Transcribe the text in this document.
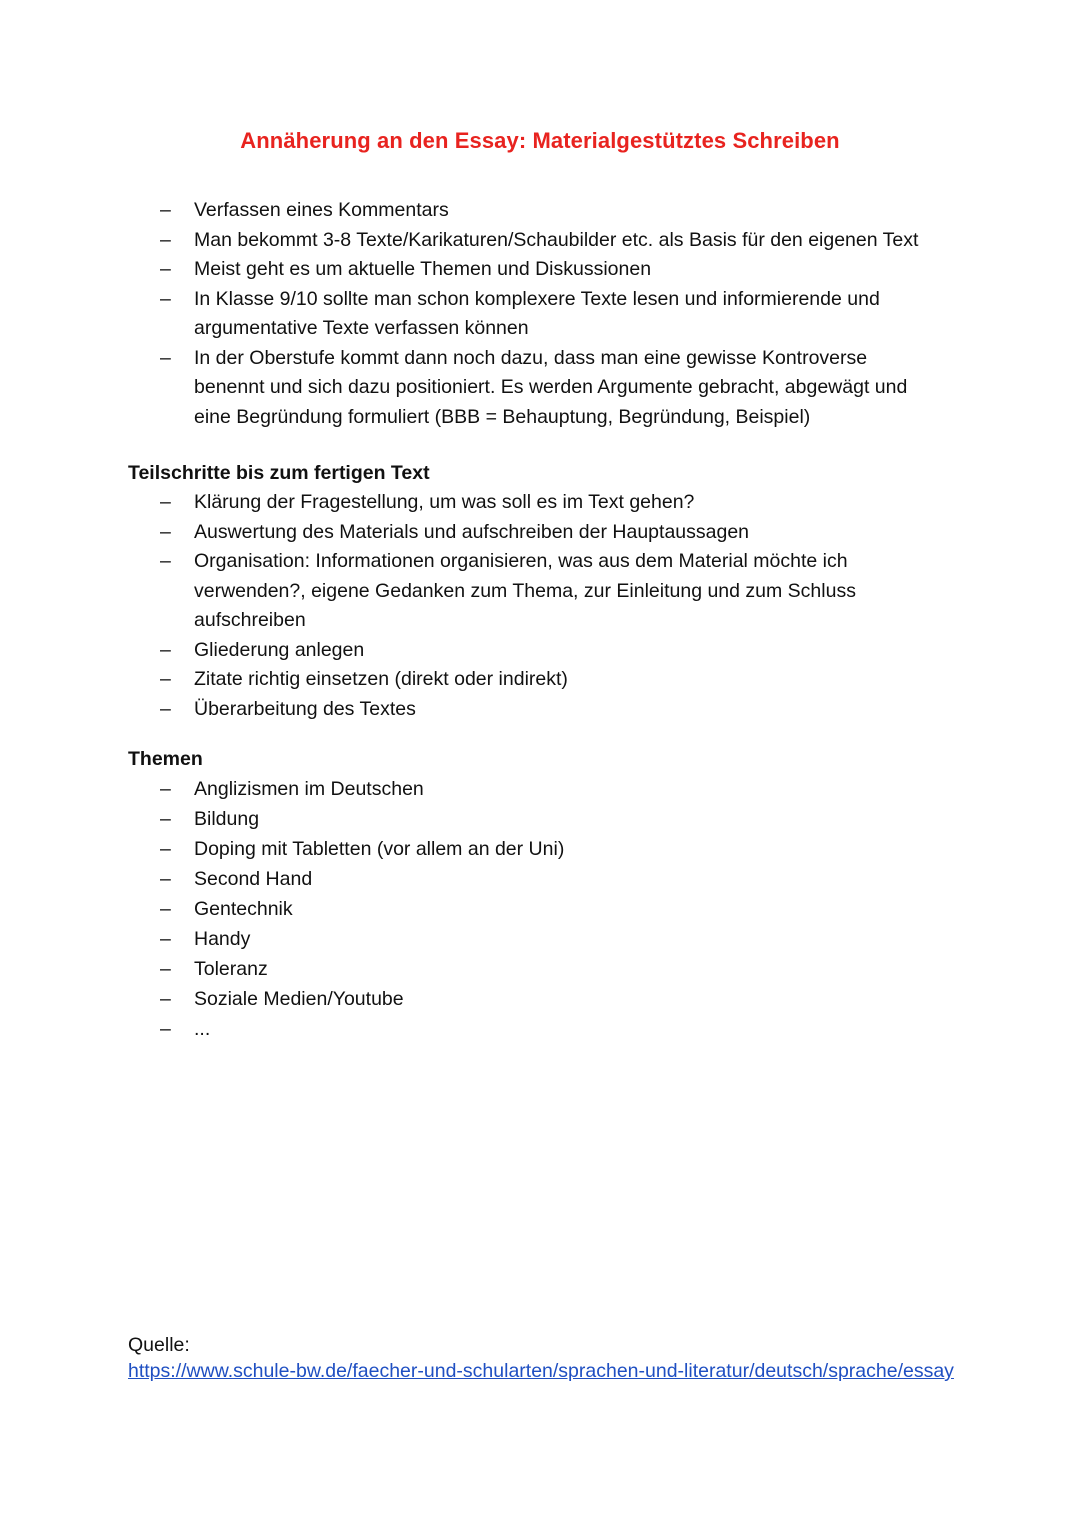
Annäherung an den Essay: Materialgestütztes Schreiben
– Verfassen eines Kommentars
– Man bekommt 3-8 Texte/Karikaturen/Schaubilder etc. als Basis für den eigenen Text
– Meist geht es um aktuelle Themen und Diskussionen
– In Klasse 9/10 sollte man schon komplexere Texte lesen und informierende und argumentative Texte verfassen können
– In der Oberstufe kommt dann noch dazu, dass man eine gewisse Kontroverse benennt und sich dazu positioniert. Es werden Argumente gebracht, abgewägt und eine Begründung formuliert (BBB = Behauptung, Begründung, Beispiel)
Teilschritte bis zum fertigen Text
– Klärung der Fragestellung, um was soll es im Text gehen?
– Auswertung des Materials und aufschreiben der Hauptaussagen
– Organisation: Informationen organisieren, was aus dem Material möchte ich verwenden?, eigene Gedanken zum Thema, zur Einleitung und zum Schluss aufschreiben
– Gliederung anlegen
– Zitate richtig einsetzen (direkt oder indirekt)
– Überarbeitung des Textes
Themen
– Anglizismen im Deutschen
– Bildung
– Doping mit Tabletten (vor allem an der Uni)
– Second Hand
– Gentechnik
– Handy
– Toleranz
– Soziale Medien/Youtube
– ...

Quelle:

https://www.schule-bw.de/faecher-und-schularten/sprachen-und-literatur/deutsch/sprache/essay
